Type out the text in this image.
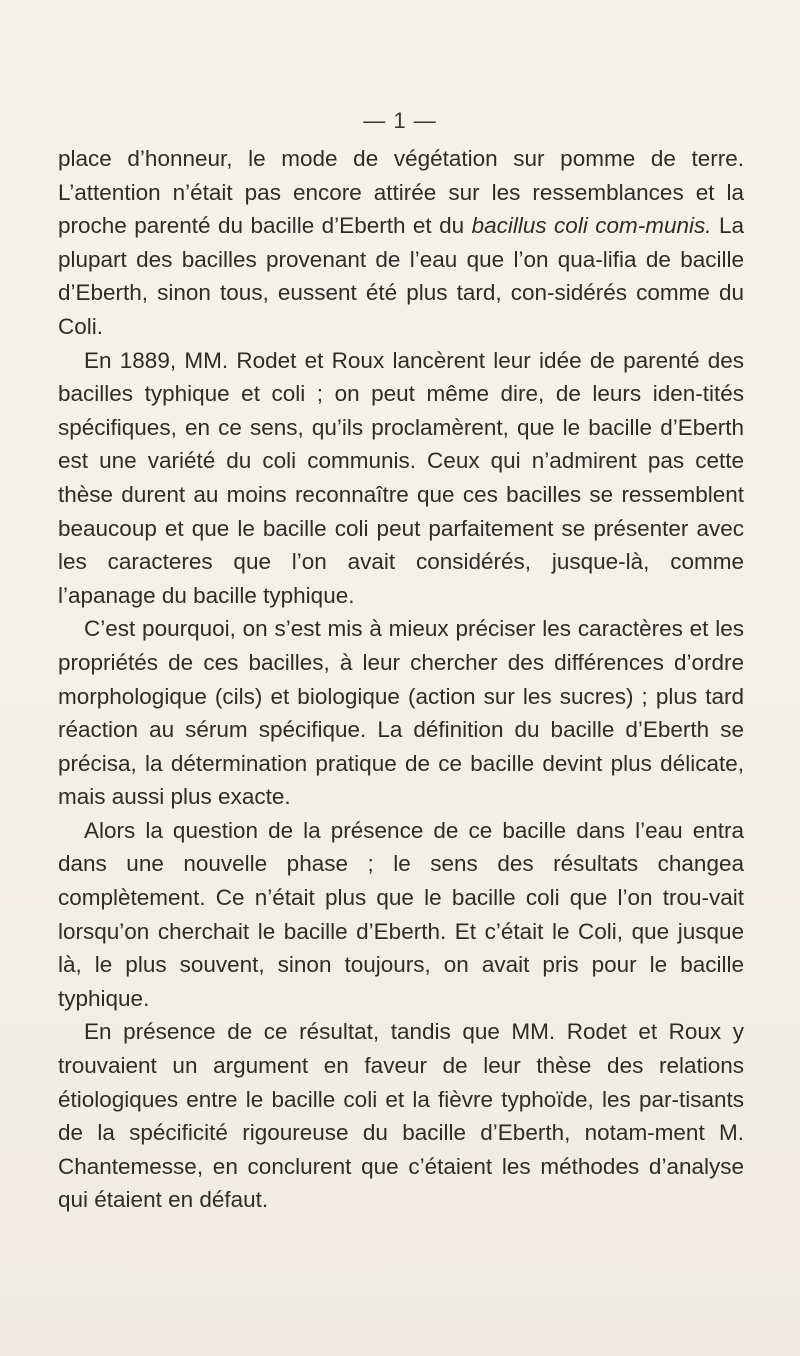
— 1 —

place d’honneur, le mode de végétation sur pomme de terre. L’attention n’était pas encore attirée sur les ressemblances et la proche parenté du bacille d’Eberth et du bacillus coli com-munis. La plupart des bacilles provenant de l’eau que l’on qua-lifia de bacille d’Eberth, sinon tous, eussent été plus tard, con-sidérés comme du Coli.

En 1889, MM. Rodet et Roux lancèrent leur idée de parenté des bacilles typhique et coli ; on peut même dire, de leurs iden-tités spécifiques, en ce sens, qu’ils proclamèrent, que le bacille d’Eberth est une variété du coli communis. Ceux qui n’admirent pas cette thèse durent au moins reconnaître que ces bacilles se ressemblent beaucoup et que le bacille coli peut parfaitement se présenter avec les caracteres que l’on avait considérés, jusque-là, comme l’apanage du bacille typhique.

C’est pourquoi, on s’est mis à mieux préciser les caractères et les propriétés de ces bacilles, à leur chercher des différences d’ordre morphologique (cils) et biologique (action sur les sucres) ; plus tard réaction au sérum spécifique. La définition du bacille d’Eberth se précisa, la détermination pratique de ce bacille devint plus délicate, mais aussi plus exacte.

Alors la question de la présence de ce bacille dans l’eau entra dans une nouvelle phase ; le sens des résultats changea complètement. Ce n’était plus que le bacille coli que l’on trou-vait lorsqu’on cherchait le bacille d’Eberth. Et c’était le Coli, que jusque là, le plus souvent, sinon toujours, on avait pris pour le bacille typhique.

En présence de ce résultat, tandis que MM. Rodet et Roux y trouvaient un argument en faveur de leur thèse des relations étiologiques entre le bacille coli et la fièvre typhoïde, les par-tisants de la spécificité rigoureuse du bacille d’Eberth, notam-ment M. Chantemesse, en conclurent que c’étaient les méthodes d’analyse qui étaient en défaut.
